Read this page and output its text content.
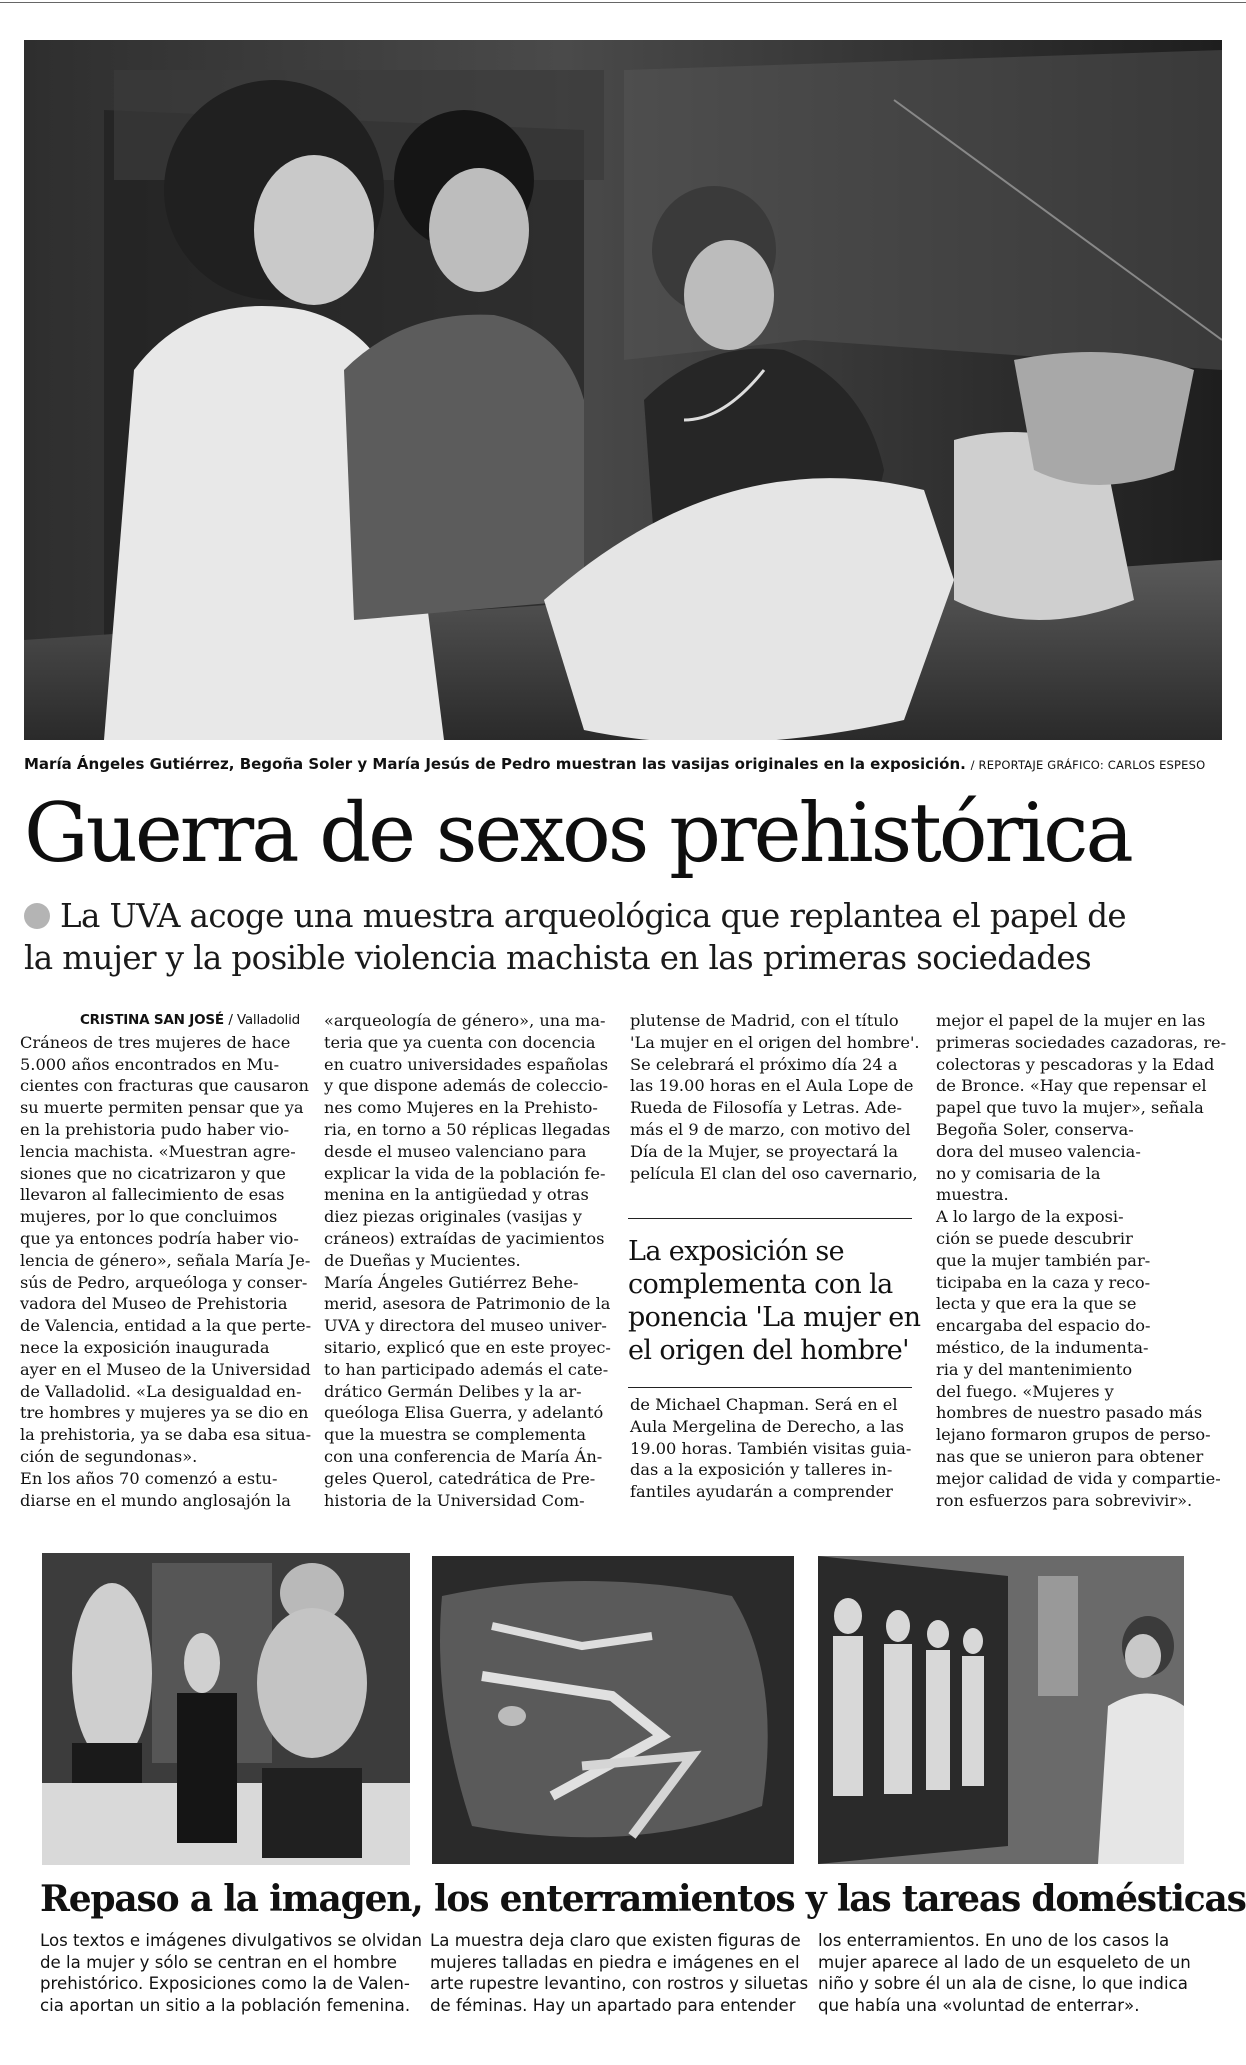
María Ángeles Gutiérrez, Begoña Soler y María Jesús de Pedro muestran las vasijas originales en la exposición. / REPORTAJE GRÁFICO: CARLOS ESPESO
Guerra de sexos prehistórica
La UVA acoge una muestra arqueológica que replantea el papel de
la mujer y la posible violencia machista en las primeras sociedades
CRISTINA SAN JOSÉ / Valladolid
Cráneos de tres mujeres de hace
5.000 años encontrados en Mu-
cientes con fracturas que causaron
su muerte permiten pensar que ya
en la prehistoria pudo haber vio-
lencia machista. «Muestran agre-
siones que no cicatrizaron y que
llevaron al fallecimiento de esas
mujeres, por lo que concluimos
que ya entonces podría haber vio-
lencia de género», señala María Je-
sús de Pedro, arqueóloga y conser-
vadora del Museo de Prehistoria
de Valencia, entidad a la que perte-
nece la exposición inaugurada
ayer en el Museo de la Universidad
de Valladolid. «La desigualdad en-
tre hombres y mujeres ya se dio en
la prehistoria, ya se daba esa situa-
ción de segundonas».
En los años 70 comenzó a estu-
diarse en el mundo anglosajón la
«arqueología de género», una ma-
teria que ya cuenta con docencia
en cuatro universidades españolas
y que dispone además de coleccio-
nes como Mujeres en la Prehisto-
ria, en torno a 50 réplicas llegadas
desde el museo valenciano para
explicar la vida de la población fe-
menina en la antigüedad y otras
diez piezas originales (vasijas y
cráneos) extraídas de yacimientos
de Dueñas y Mucientes.
María Ángeles Gutiérrez Behe-
merid, asesora de Patrimonio de la
UVA y directora del museo univer-
sitario, explicó que en este proyec-
to han participado además el cate-
drático Germán Delibes y la ar-
queóloga Elisa Guerra, y adelantó
que la muestra se complementa
con una conferencia de María Án-
geles Querol, catedrática de Pre-
historia de la Universidad Com-
plutense de Madrid, con el título
'La mujer en el origen del hombre'.
Se celebrará el próximo día 24 a
las 19.00 horas en el Aula Lope de
Rueda de Filosofía y Letras. Ade-
más el 9 de marzo, con motivo del
Día de la Mujer, se proyectará la
película El clan del oso cavernario,
La exposición se
complementa con la
ponencia 'La mujer en
el origen del hombre'
de Michael Chapman. Será en el
Aula Mergelina de Derecho, a las
19.00 horas. También visitas guia-
das a la exposición y talleres in-
fantiles ayudarán a comprender
mejor el papel de la mujer en las
primeras sociedades cazadoras, re-
colectoras y pescadoras y la Edad
de Bronce. «Hay que repensar el
papel que tuvo la mujer», señala
Begoña Soler, conserva-
dora del museo valencia-
no y comisaria de la
muestra.
A lo largo de la exposi-
ción se puede descubrir
que la mujer también par-
ticipaba en la caza y reco-
lecta y que era la que se
encargaba del espacio do-
méstico, de la indumenta-
ria y del mantenimiento
del fuego. «Mujeres y
hombres de nuestro pasado más
lejano formaron grupos de perso-
nas que se unieron para obtener
mejor calidad de vida y compartie-
ron esfuerzos para sobrevivir».
Repaso a la imagen, los enterramientos y las tareas domésticas
Los textos e imágenes divulgativos se olvidan
de la mujer y sólo se centran en el hombre
prehistórico. Exposiciones como la de Valen-
cia aportan un sitio a la población femenina.
La muestra deja claro que existen figuras de
mujeres talladas en piedra e imágenes en el
arte rupestre levantino, con rostros y siluetas
de féminas. Hay un apartado para entender
los enterramientos. En uno de los casos la
mujer aparece al lado de un esqueleto de un
niño y sobre él un ala de cisne, lo que indica
que había una «voluntad de enterrar».
